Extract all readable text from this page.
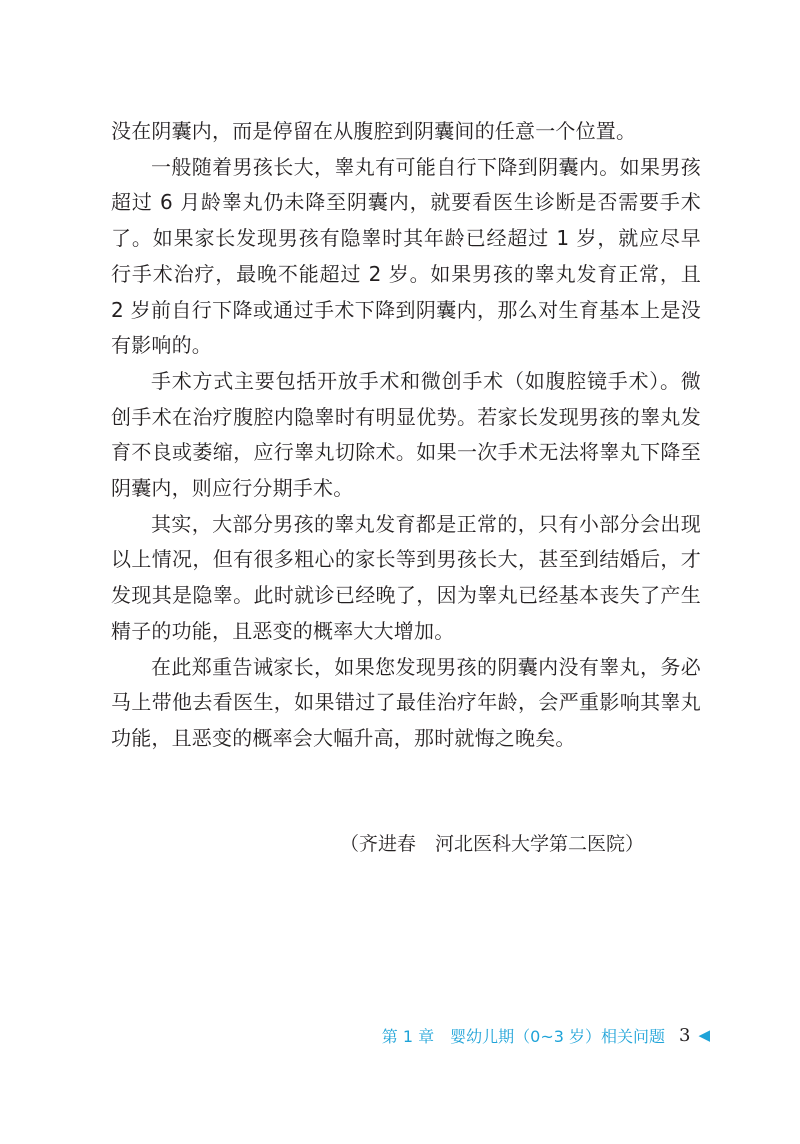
没在阴囊内，而是停留在从腹腔到阴囊间的任意一个位置。

一般随着男孩长大，睾丸有可能自行下降到阴囊内。如果男孩超过 6 月龄睾丸仍未降至阴囊内，就要看医生诊断是否需要手术了。如果家长发现男孩有隐睾时其年龄已经超过 1 岁，就应尽早行手术治疗，最晚不能超过 2 岁。如果男孩的睾丸发育正常，且 2 岁前自行下降或通过手术下降到阴囊内，那么对生育基本上是没有影响的。

手术方式主要包括开放手术和微创手术（如腹腔镜手术）。微创手术在治疗腹腔内隐睾时有明显优势。若家长发现男孩的睾丸发育不良或萎缩，应行睾丸切除术。如果一次手术无法将睾丸下降至阴囊内，则应行分期手术。

其实，大部分男孩的睾丸发育都是正常的，只有小部分会出现以上情况，但有很多粗心的家长等到男孩长大，甚至到结婚后，才发现其是隐睾。此时就诊已经晚了，因为睾丸已经基本丧失了产生精子的功能，且恶变的概率大大增加。

在此郑重告诫家长，如果您发现男孩的阴囊内没有睾丸，务必马上带他去看医生，如果错过了最佳治疗年龄，会严重影响其睾丸功能，且恶变的概率会大幅升高，那时就悔之晚矣。

（齐进春　河北医科大学第二医院）
第 1 章　婴幼儿期（0~3 岁）相关问题 3 ◀
